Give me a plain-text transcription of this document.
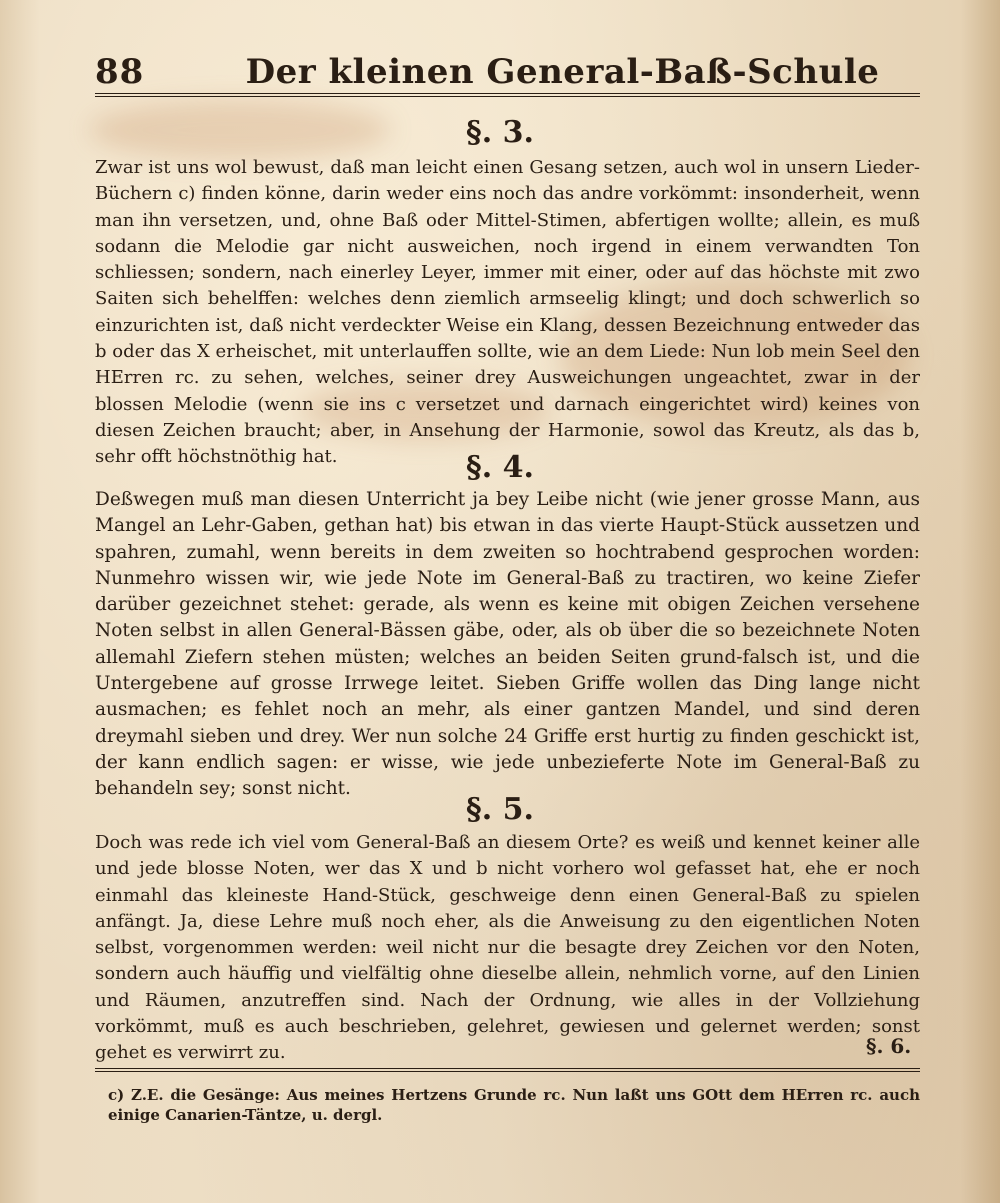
88	Der kleinen General-Baß-Schule
§. 3.

Zwar ist uns wol bewust, daß man leicht einen Gesang setzen, auch wol in unsern Lieder-Büchern c) finden könne, darin weder eins noch das andre vorkömmt: insonderheit, wenn man ihn versetzen, und, ohne Baß oder Mittel-Stimen, abfertigen wollte; allein, es muß sodann die Melodie gar nicht ausweichen, noch irgend in einem verwandten Ton schliessen; sondern, nach einerley Leyer, immer mit einer, oder auf das höchste mit zwo Saiten sich behelffen: welches denn ziemlich armseelig klingt; und doch schwerlich so einzurichten ist, daß nicht verdeckter Weise ein Klang, dessen Bezeichnung entweder das b oder das X erheischet, mit unterlauffen sollte, wie an dem Liede: Nun lob mein Seel den HErren rc. zu sehen, welches, seiner drey Ausweichungen ungeachtet, zwar in der blossen Melodie (wenn sie ins c versetzet und darnach eingerichtet wird) keines von diesen Zeichen braucht; aber, in Ansehung der Harmonie, sowol das Kreutz, als das b, sehr offt höchstnöthig hat.	§. 4.

Deßwegen muß man diesen Unterricht ja bey Leibe nicht (wie jener grosse Mann, aus Mangel an Lehr-Gaben, gethan hat) bis etwan in das vierte Haupt-Stück aussetzen und spahren, zumahl, wenn bereits in dem zweiten so hochtrabend gesprochen worden: Nunmehro wissen wir, wie jede Note im General-Baß zu tractiren, wo keine Ziefer darüber gezeichnet stehet: gerade, als wenn es keine mit obigen Zeichen versehene Noten selbst in allen General-Bässen gäbe, oder, als ob über die so bezeichnete Noten allemahl Ziefern stehen müsten; welches an beiden Seiten grund-falsch ist, und die Untergebene auf grosse Irrwege leitet. Sieben Griffe wollen das Ding lange nicht ausmachen; es fehlet noch an mehr, als einer gantzen Mandel, und sind deren dreymahl sieben und drey. Wer nun solche 24 Griffe erst hurtig zu finden geschickt ist, der kann endlich sagen: er wisse, wie jede unbezieferte Note im General-Baß zu behandeln sey; sonst nicht.

§. 5.

Doch was rede ich viel vom General-Baß an diesem Orte? es weiß und kennet keiner alle und jede blosse Noten, wer das X und b nicht vorhero wol gefasset hat, ehe er noch einmahl das kleineste Hand-Stück, geschweige denn einen General-Baß zu spielen anfängt. Ja, diese Lehre muß noch eher, als die Anweisung zu den eigentlichen Noten selbst, vorgenommen werden: weil nicht nur die besagte drey Zeichen vor den Noten, sondern auch häuffig und vielfältig ohne dieselbe allein, nehmlich vorne, auf den Linien und Räumen, anzutreffen sind. Nach der Ordnung, wie alles in der Vollziehung vorkömmt, muß es auch beschrieben, gelehret, gewiesen und gelernet werden; sonst gehet es verwirrt zu.	§. 6.
c) Z.E. die Gesänge: Aus meines Hertzens Grunde rc. Nun laßt uns GOtt dem HErren rc. auch einige Canarien-Täntze, u. dergl.
